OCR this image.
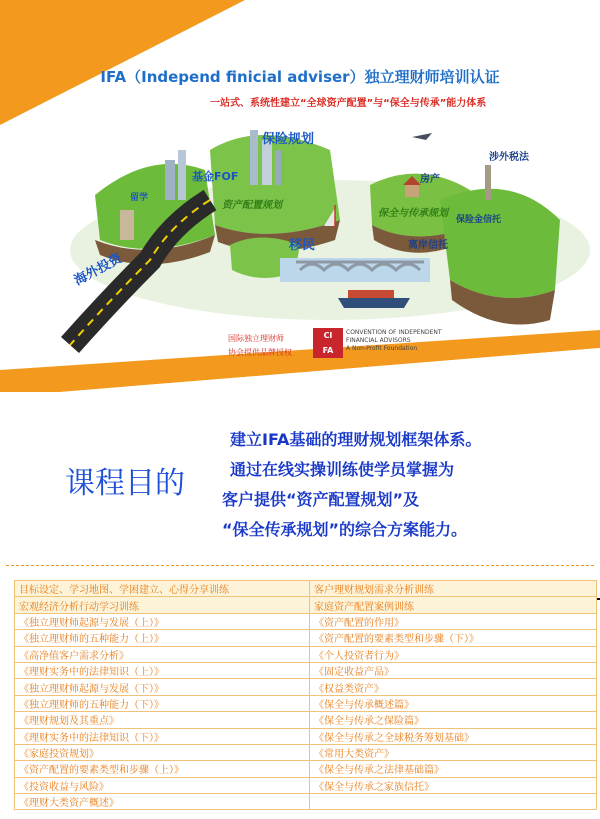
IFA（Independ finicial adviser）独立理财师培训认证
一站式、系统性建立“全球资产配置”与“保全与传承”能力体系
保险规划
基金FOF
留学
资产配置规划
海外投资
移民
房产
涉外税法
保全与传承规划
离岸信托
保险金信托
国际独立理财师
协会提供品牌授权
CI
FA
CONVENTION OF INDEPENDENT
FINANCIAL ADVISORS
A Non-Profit Foundation
课程目的
建立IFA基础的理财规划框架体系。
通过在线实操训练使学员掌握为
客户提供“资产配置规划”及
“保全传承规划”的综合方案能力。
目标设定、学习地图、学困建立、心得分享训练	客户理财规划需求分析训练
宏观经济分析行动学习训练	家庭资产配置案例训练
《独立理财师起源与发展（上）》	《资产配置的作用》
《独立理财师的五种能力（上）》	《资产配置的要素类型和步骤（下）》
《高净值客户需求分析》	《个人投资者行为》
《理财实务中的法律知识（上）》	《固定收益产品》
《独立理财师起源与发展（下）》	《权益类资产》
《独立理财师的五种能力（下）》	《保全与传承概述篇》
《理财规划及其重点》	《保全与传承之保险篇》
《理财实务中的法律知识（下）》	《保全与传承之全球税务筹划基础》
《家庭投资规划》	《常用大类资产》
《资产配置的要素类型和步骤（上）》	《保全与传承之法律基础篇》
《投资收益与风险》	《保全与传承之家族信托》
《理财大类资产概述》	
